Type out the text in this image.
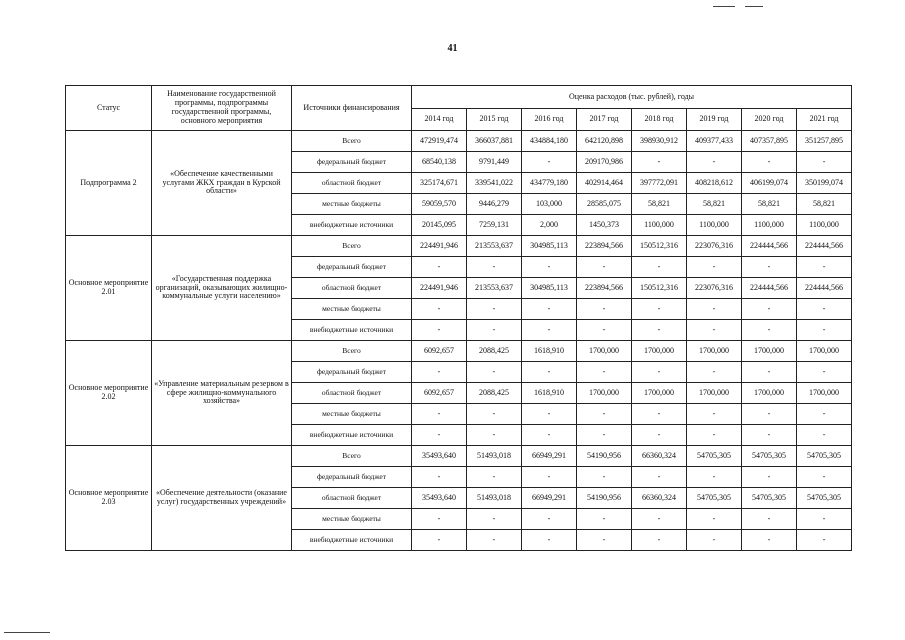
41
Статус	Наименование государственной программы, подпрограммы государственной программы, основного мероприятия	Источники финансирования	Оценка расходов (тыс. рублей), годы							
			2014 год	2015 год	2016 год	2017 год	2018 год	2019 год	2020 год	2021 год
Подпрограмма 2	«Обеспечение качественными услугами ЖКХ граждан в Курской области»	Всего	472919,474	366037,881	434884,180	642120,898	398930,912	409377,433	407357,895	351257,895
		федеральный бюджет	68540,138	9791,449	-	209170,986	-	-	-	-
		областной бюджет	325174,671	339541,022	434779,180	402914,464	397772,091	408218,612	406199,074	350199,074
		местные бюджеты	59059,570	9446,279	103,000	28585,075	58,821	58,821	58,821	58,821
		внебюджетные источники	20145,095	7259,131	2,000	1450,373	1100,000	1100,000	1100,000	1100,000
Основное мероприятие 2.01	«Государственная поддержка организаций, оказывающих жилищно-коммунальные услуги населению»	Всего	224491,946	213553,637	304985,113	223894,566	150512,316	223076,316	224444,566	224444,566
		федеральный бюджет	-	-	-	-	-	-	-	-
		областной бюджет	224491,946	213553,637	304985,113	223894,566	150512,316	223076,316	224444,566	224444,566
		местные бюджеты	-	-	-	-	-	-	-	-
		внебюджетные источники	-	-	-	-	-	-	-	-
Основное мероприятие 2.02	«Управление материальным резервом в сфере жилищно-коммунального хозяйства»	Всего	6092,657	2088,425	1618,910	1700,000	1700,000	1700,000	1700,000	1700,000
		федеральный бюджет	-	-	-	-	-	-	-	-
		областной бюджет	6092,657	2088,425	1618,910	1700,000	1700,000	1700,000	1700,000	1700,000
		местные бюджеты	-	-	-	-	-	-	-	-
		внебюджетные источники	-	-	-	-	-	-	-	-
Основное мероприятие 2.03	«Обеспечение деятельности (оказание услуг) государственных учреждений»	Всего	35493,640	51493,018	66949,291	54190,956	66360,324	54705,305	54705,305	54705,305
		федеральный бюджет	-	-	-	-	-	-	-	-
		областной бюджет	35493,640	51493,018	66949,291	54190,956	66360,324	54705,305	54705,305	54705,305
		местные бюджеты	-	-	-	-	-	-	-	-
		внебюджетные источники	-	-	-	-	-	-	-	-
